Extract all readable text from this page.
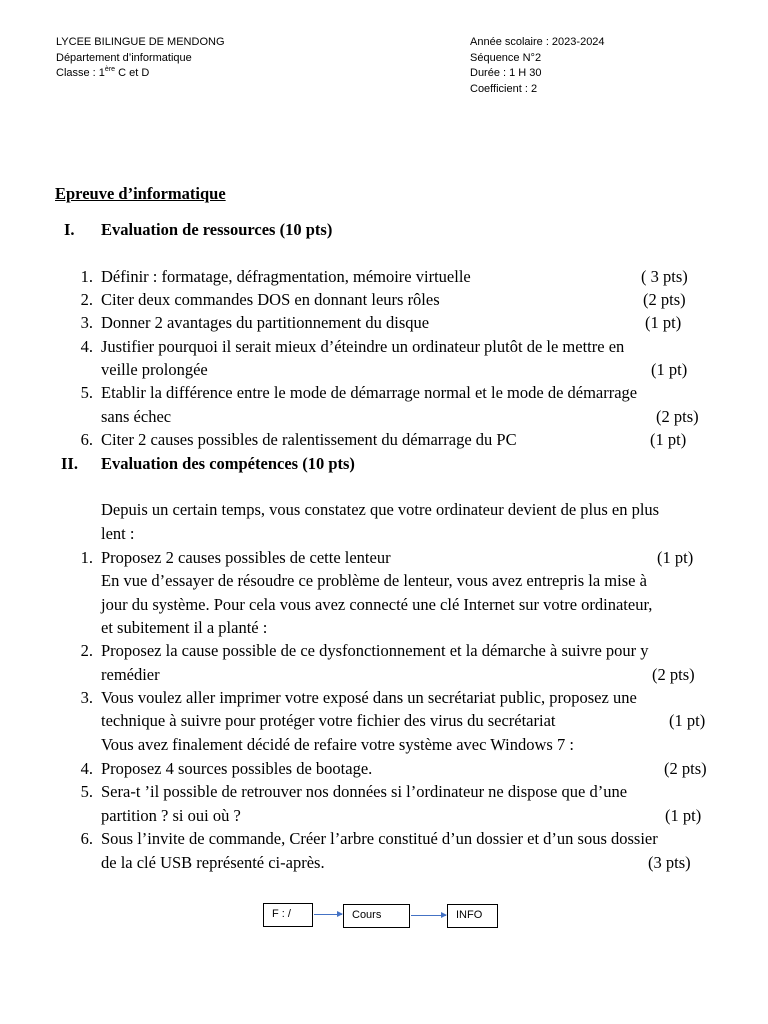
LYCEE BILINGUE DE MENDONG
Département d’informatique
Classe : 1ère C et D
Année scolaire : 2023-2024
Séquence N°2
Durée : 1 H 30
Coefficient : 2
Epreuve d’informatique
I. Evaluation de ressources (10 pts)
1. Définir : formatage, défragmentation, mémoire virtuelle	( 3 pts)
2. Citer deux commandes DOS en donnant leurs rôles	(2 pts)
3. Donner 2 avantages du partitionnement du disque	(1 pt)
4. Justifier pourquoi il serait mieux d’éteindre un ordinateur plutôt de le mettre en
veille prolongée	(1 pt)
5. Etablir la différence entre le mode de démarrage normal et le mode de démarrage
sans échec	(2 pts)
6. Citer 2 causes possibles de ralentissement du démarrage du PC	(1 pt)
II. Evaluation des compétences (10 pts)
Depuis un certain temps, vous constatez que votre ordinateur devient de plus en plus
lent :
1. Proposez 2 causes possibles de cette lenteur	(1 pt)
En vue d’essayer de résoudre ce problème de lenteur, vous avez entrepris la mise à
jour du système. Pour cela vous avez connecté une clé Internet sur votre ordinateur,
et subitement il a planté :
2. Proposez la cause possible de ce dysfonctionnement et la démarche à suivre pour y
remédier	(2 pts)
3. Vous voulez aller imprimer votre exposé dans un secrétariat public, proposez une
technique à suivre pour protéger votre fichier des virus du secrétariat	(1 pt)
Vous avez finalement décidé de refaire votre système avec Windows 7 :
4. Proposez 4 sources possibles de bootage.	(2 pts)
5. Sera-t ’il possible de retrouver nos données si l’ordinateur ne dispose que d’une
partition ? si oui où ?	(1 pt)
6. Sous l’invite de commande, Créer l’arbre constitué d’un dossier et d’un sous dossier
de la clé USB représenté ci-après.	(3 pts)
F : /	Cours	INFO
